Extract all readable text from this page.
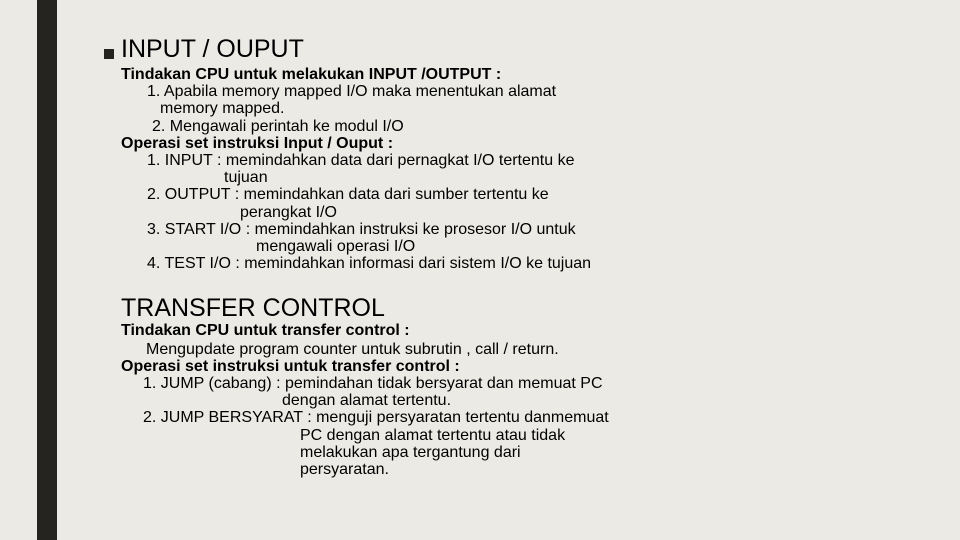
INPUT / OUPUT

Tindakan CPU untuk melakukan INPUT /OUTPUT :

1. Apabila memory mapped I/O maka menentukan alamat

memory mapped.

2. Mengawali perintah ke modul I/O

Operasi set instruksi Input / Ouput :

1. INPUT : memindahkan data dari pernagkat I/O tertentu ke

tujuan

2. OUTPUT : memindahkan data dari sumber tertentu ke

perangkat I/O

3. START I/O : memindahkan instruksi ke prosesor I/O untuk

mengawali operasi I/O

4. TEST I/O : memindahkan informasi dari sistem I/O ke tujuan

TRANSFER CONTROL

Tindakan CPU untuk transfer control :

Mengupdate program counter untuk subrutin , call / return.

Operasi set instruksi untuk transfer control :

1. JUMP (cabang) : pemindahan tidak bersyarat dan memuat PC

dengan alamat tertentu.

2. JUMP BERSYARAT : menguji persyaratan tertentu danmemuat

PC dengan alamat tertentu atau tidak

melakukan apa tergantung dari

persyaratan.
